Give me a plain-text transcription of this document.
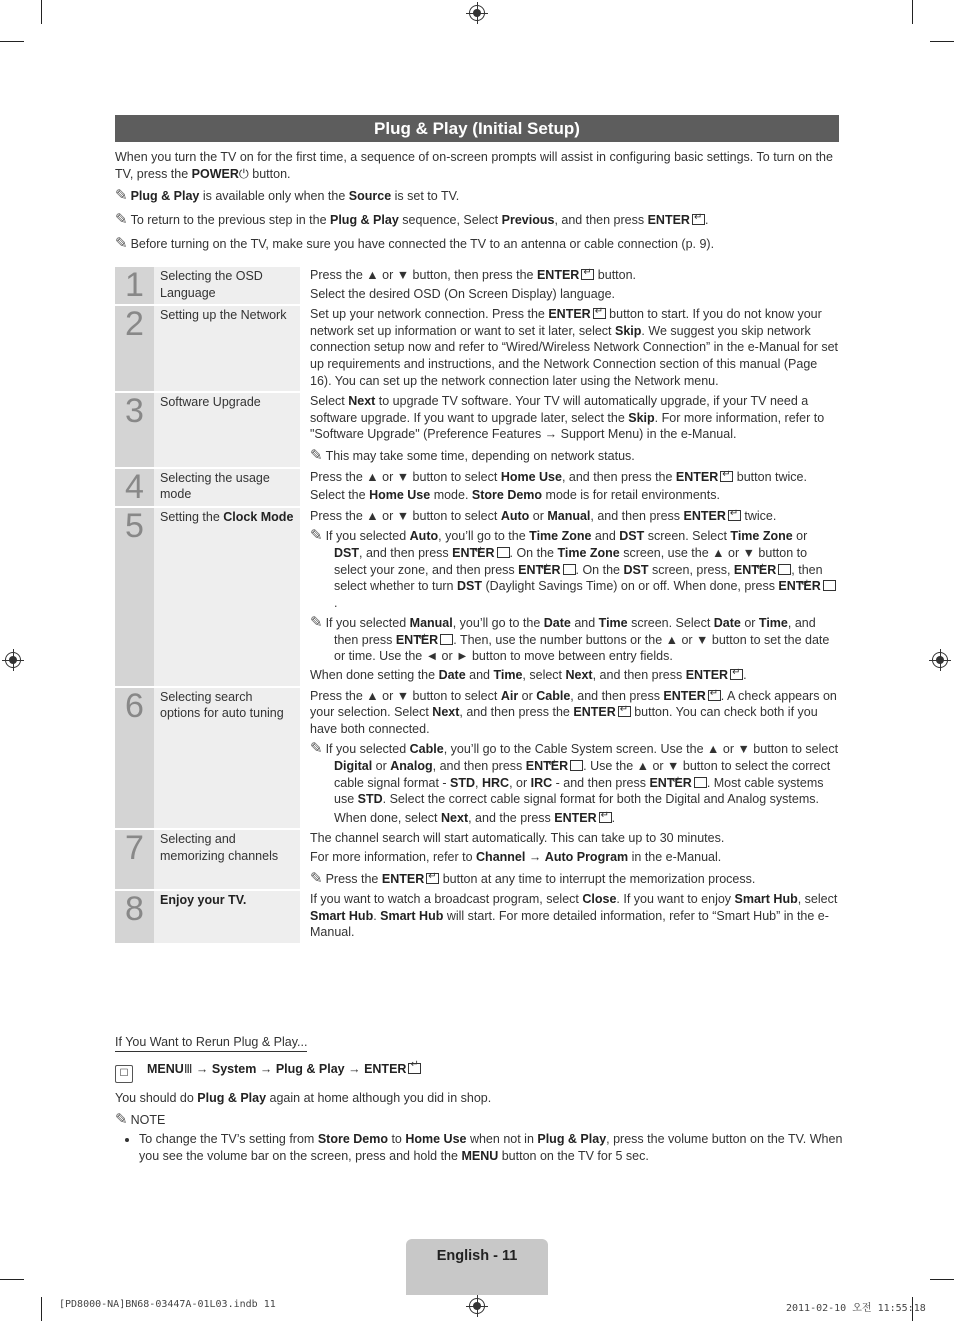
Plug & Play (Initial Setup)
When you turn the TV on for the first time, a sequence of on-screen prompts will assist in configuring basic settings. To turn on the TV, press the POWER⏻ button.
✎ Plug & Play is available only when the Source is set to TV.
✎ To return to the previous step in the Plug & Play sequence, Select Previous, and then press ENTER ↵ .
✎ Before turning on the TV, make sure you have connected the TV to an antenna or cable connection (p. 9).
1	Selecting the OSD Language	Press the ▲ or ▼ button, then press the ENTER↵ button.

Select the desired OSD (On Screen Display) language.

2	Setting up the Network	Set up your network connection. Press the ENTER↵ button to start. If you do not know your network set up information or want to set it later, select Skip. We suggest you skip network connection setup now and refer to “Wired/Wireless Network Connection” in the e-Manual for set up requirements and instructions, and the Network Connection section of this manual (Page 16). You can set up the network connection later using the Network menu.

3	Software Upgrade	Select Next to upgrade TV software. Your TV will automatically upgrade, if your TV need a software upgrade. If you want to upgrade later, select the Skip. For more information, refer to "Software Upgrade" (Preference Features → Support Menu) in the e-Manual.

✎ This may take some time, depending on network status.

4	Selecting the usage mode	Press the ▲ or ▼ button to select Home Use, and then press the ENTER↵ button twice.

Select the Home Use mode. Store Demo mode is for retail environments.

5	Setting the Clock Mode	Press the ▲ or ▼ button to select Auto or Manual, and then press ENTER↵ twice.

✎ If you selected Auto, you’ll go to the Time Zone and DST screen. Select Time Zone or DST, and then press ENTER ↵ . On the Time Zone screen, use the ▲ or ▼ button to select your zone, and then press ENTER ↵ . On the DST screen, press, ENTER ↵ , then select whether to turn DST (Daylight Savings Time) on or off. When done, press ENTER↵.

✎ If you selected Manual, you’ll go to the Date and Time screen. Select Date or Time, and then press ENTER ↵ . Then, use the number buttons or the ▲ or ▼ button to set the date or time. Use the ◄ or ► button to move between entry fields.

When done setting the Date and Time, select Next, and then press ENTER ↵ .

6	Selecting search options for auto tuning	Press the ▲ or ▼ button to select Air or Cable, and then press ENTER ↵ . A check appears on your selection. Select Next, and then press the ENTER↵ button. You can check both if you have both connected.

✎ If you selected Cable, you’ll go to the Cable System screen. Use the ▲ or ▼ button to select Digital or Analog, and then press ENTER ↵ . Use the ▲ or ▼ button to select the correct cable signal format - STD, HRC, or IRC - and then press ENTER ↵ . Most cable systems use STD. Select the correct cable signal format for both the Digital and Analog systems.

When done, select Next, and the press ENTER ↵ .

7	Selecting and memorizing channels	The channel search will start automatically. This can take up to 30 minutes.

For more information, refer to Channel → Auto Program in the e-Manual.

✎ Press the ENTER↵ button at any time to interrupt the memorization process.

8	Enjoy your TV.	If you want to watch a broadcast program, select Close. If you want to enjoy Smart Hub, select Smart Hub. Smart Hub will start. For more detailed information, refer to “Smart Hub” in the e-Manual.

If You Want to Rerun Plug & Play...
☐ MENUⅢ → System → Plug & Play → ENTER↵
You should do Plug & Play again at home although you did in shop.
✎ NOTE
• To change the TV’s setting from Store Demo to Home Use when not in Plug & Play, press the volume button on the TV. When you see the volume bar on the screen, press and hold the MENU button on the TV for 5 sec.
English - 11
[PD8000-NA]BN68-03447A-01L03.indb 11	2011-02-10 오전 11:55:18
